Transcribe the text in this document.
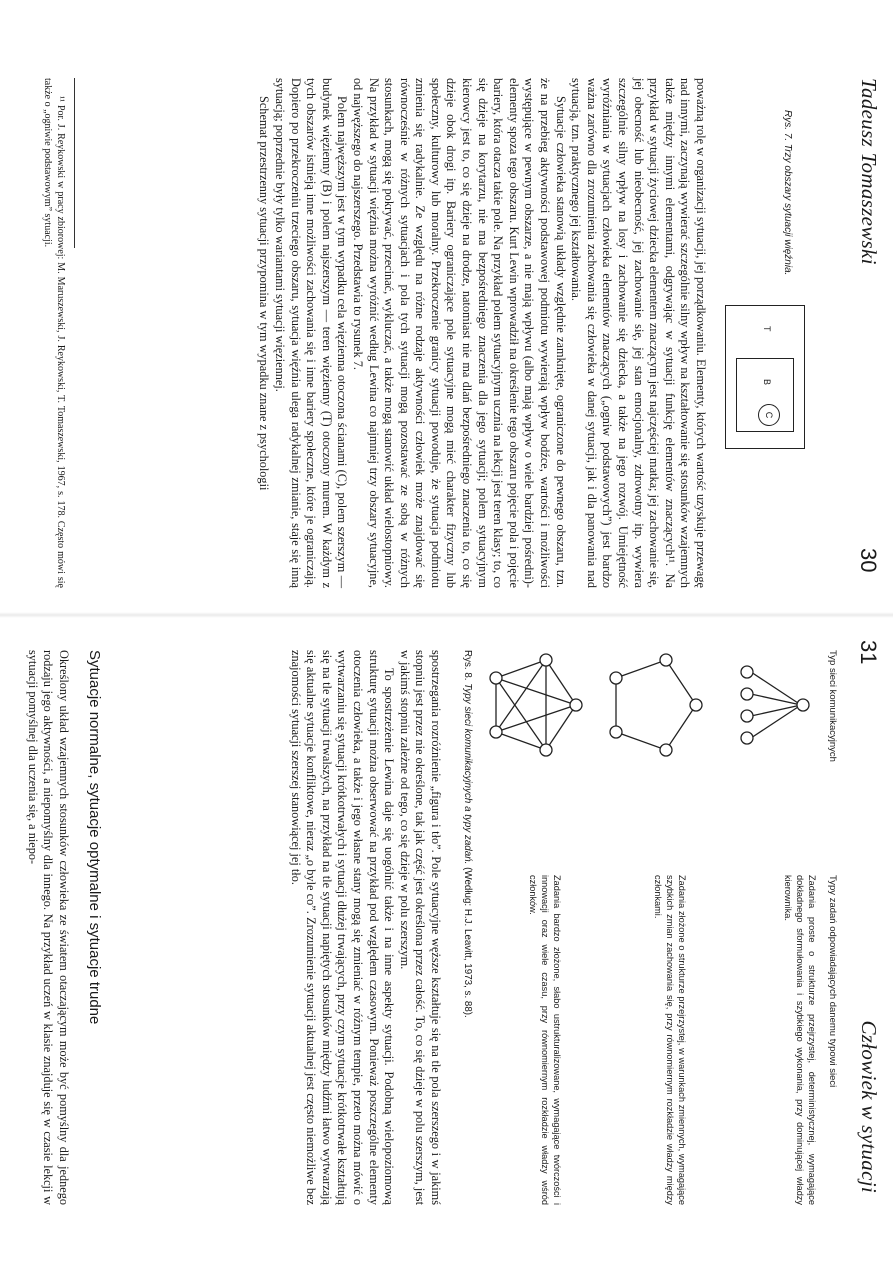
Tadeusz Tomaszewski
30
Rys. 7. Trzy obszary sytuacji więźnia.
T
B
C

poważną rolę w organizacji sytuacji, jej porządkowaniu. Elementy, których wartość uzyskuje przewagę nad innymi, zaczynają wywierać szczególnie silny wpływ na kształtowanie się stosunków wzajemnych także między innymi elementami, odgrywając w sytuacji funkcję elementów znaczących¹¹. Na przykład w sytuacji życiowej dziecka elementem znaczącym jest najczęściej matka; jej zachowanie się, jej obecność lub nieobecność, jej zachowanie się, jej stan emocjonalny, zdrowotny itp. wywiera szczególnie silny wpływ na losy i zachowanie się dziecka, a także na jego rozwój. Umiejętność wyróżniania w sytuacjach człowieka elementów znaczących („ogniw podstawowych”) jest bardzo ważna zarówno dla zrozumienia zachowania się człowieka w danej sytuacji, jak i dla panowania nad sytuacją, tzn. praktycznego jej kształtowania.

Sytuacje człowieka stanowią układy względnie zamknięte, ograniczone do pewnego obszaru, tzn. że na przebieg aktywności podstawowej podmiotu wywierają wpływ bodźce, wartości i możliwości występujące w pewnym obszarze, a nie mają wpływu (albo mają wpływ o wiele bardziej pośredni)-elementy spoza tego obszaru. Kurt Lewin wprowadził na określenie tego obszaru pojęcie pola i pojęcie bariery, która otacza takie pole. Na przykład polem sytuacyjnym ucznia na lekcji jest teren klasy; to, co się dzieje na korytarzu, nie ma bezpośredniego znaczenia dla jego sytuacji; polem sytuacyjnym kierowcy jest to, co się dzieje na drodze, natomiast nie ma dlań bezpośredniego znaczenia to, co się dzieje obok drogi itp. Bariery ograniczające pole sytuacyjne mogą mieć charakter fizyczny lub społeczny, kulturowy lub moralny. Przekroczenie granicy sytuacji powoduje, że sytuacja podmiotu zmienia się radykalnie. Ze względu na różne rodzaje aktywności człowiek może znajdować się równocześnie w różnych sytuacjach i pola tych sytuacji mogą pozostawać ze sobą w różnych stosunkach, mogą się pokrywać, przecinać, wykluczać, a także mogą stanowić układ wielostopniowy. Na przykład w sytuacji więźnia można wyróżnić według Lewina co najmniej trzy obszary sytuacyjne, od najwęższego do najszerszego. Przedstawia to rysunek 7.

Polem najwęższym jest w tym wypadku cela więzienna otoczona ścianami (C), polem szerszym — budynek więzienny (B) i polem najszerszym — teren więzienny (T) otoczony murem. W każdym z tych obszarów istnieją inne możliwości zachowania się i inne bariery społeczne, które je ograniczają. Dopiero po przekroczeniu trzeciego obszaru, sytuacja więźnia ulega radykalnej zmianie, staje się inną sytuacją; poprzednie były tylko wariantami sytuacji więziennej.

Schemat przestrzenny sytuacji przypomina w tym wypadku znane z psychologii

¹¹ Por. J. Reykowski w pracy zbiorowej: M. Maruszewski, J. Reykowski, T. Tomaszewski, 1967, s. 178. Często mówi się także o „ogniwie podstawowym” sytuacji.

31
Człowiek w sytuacji
Typ sieci komunikacyjnych
Typy zadań odpowiadających danemu typowi sieci
Zadania proste o strukturze przejrzystej, deterministycznej, wymagające dokładnego sformułowania i szybkiego wykonania, przy dominującej władzy kierownika.
Zadania złożone o strukturze przejrzystej, w warunkach zmiennych, wymagające szybkich zmian zachowania się, przy równomiernym rozkładzie władzy między członkami.
Zadania bardzo złożone, słabo ustrukturalizowane, wymagające twórczości i innowacji oraz wiele czasu, przy równomiernym rozkładzie władzy wśród członków.
Rys. 8. Typy sieci komunikacyjnych a typy zadań. (Według: H.J. Leavitt, 1973, s. 88).

spostrzegania rozróżnienie „figura i tło”. Pole sytuacyjne węższe kształtuje się na tle pola szerszego i w jakimś stopniu jest przez nie określone, tak jak część jest określona przez całość. To, co się dzieje w polu szerszym, jest w jakimś stopniu zależne od tego, co się dzieje w polu szerszym.

To spostrzeżenie Lewina daje się uogólnić także i na inne aspekty sytuacji. Podobną wielopoziomową strukturę sytuacji można obserwować na przykład pod względem czasowym. Ponieważ poszczególne elementy otoczenia człowieka, a także i jego własne stany mogą się zmieniać w różnym tempie, przeto można mówić o wytwarzaniu się sytuacji krótkotrwałych i sytuacji dłużej trwających, przy czym sytuacje krótkotrwałe kształtują się na tle sytuacji trwalszych, na przykład na tle sytuacji napiętych stosunków między ludźmi łatwo wytwarzają się aktualne sytuacje konfliktowe, nieraz „o byle co”. Zrozumienie sytuacji aktualnej jest często niemożliwe bez znajomości sytuacji szerszej stanowiącej jej tło.

Sytuacje normalne, sytuacje optymalne i sytuacje trudne

Określony układ wzajemnych stosunków człowieka ze światem otaczającym może być pomyślny dla jednego rodzaju jego aktywności, a niepomyślny dla innego. Na przykład uczeń w klasie znajduje się w czasie lekcji w sytuacji pomyślnej dla uczenia się, a niepo-
